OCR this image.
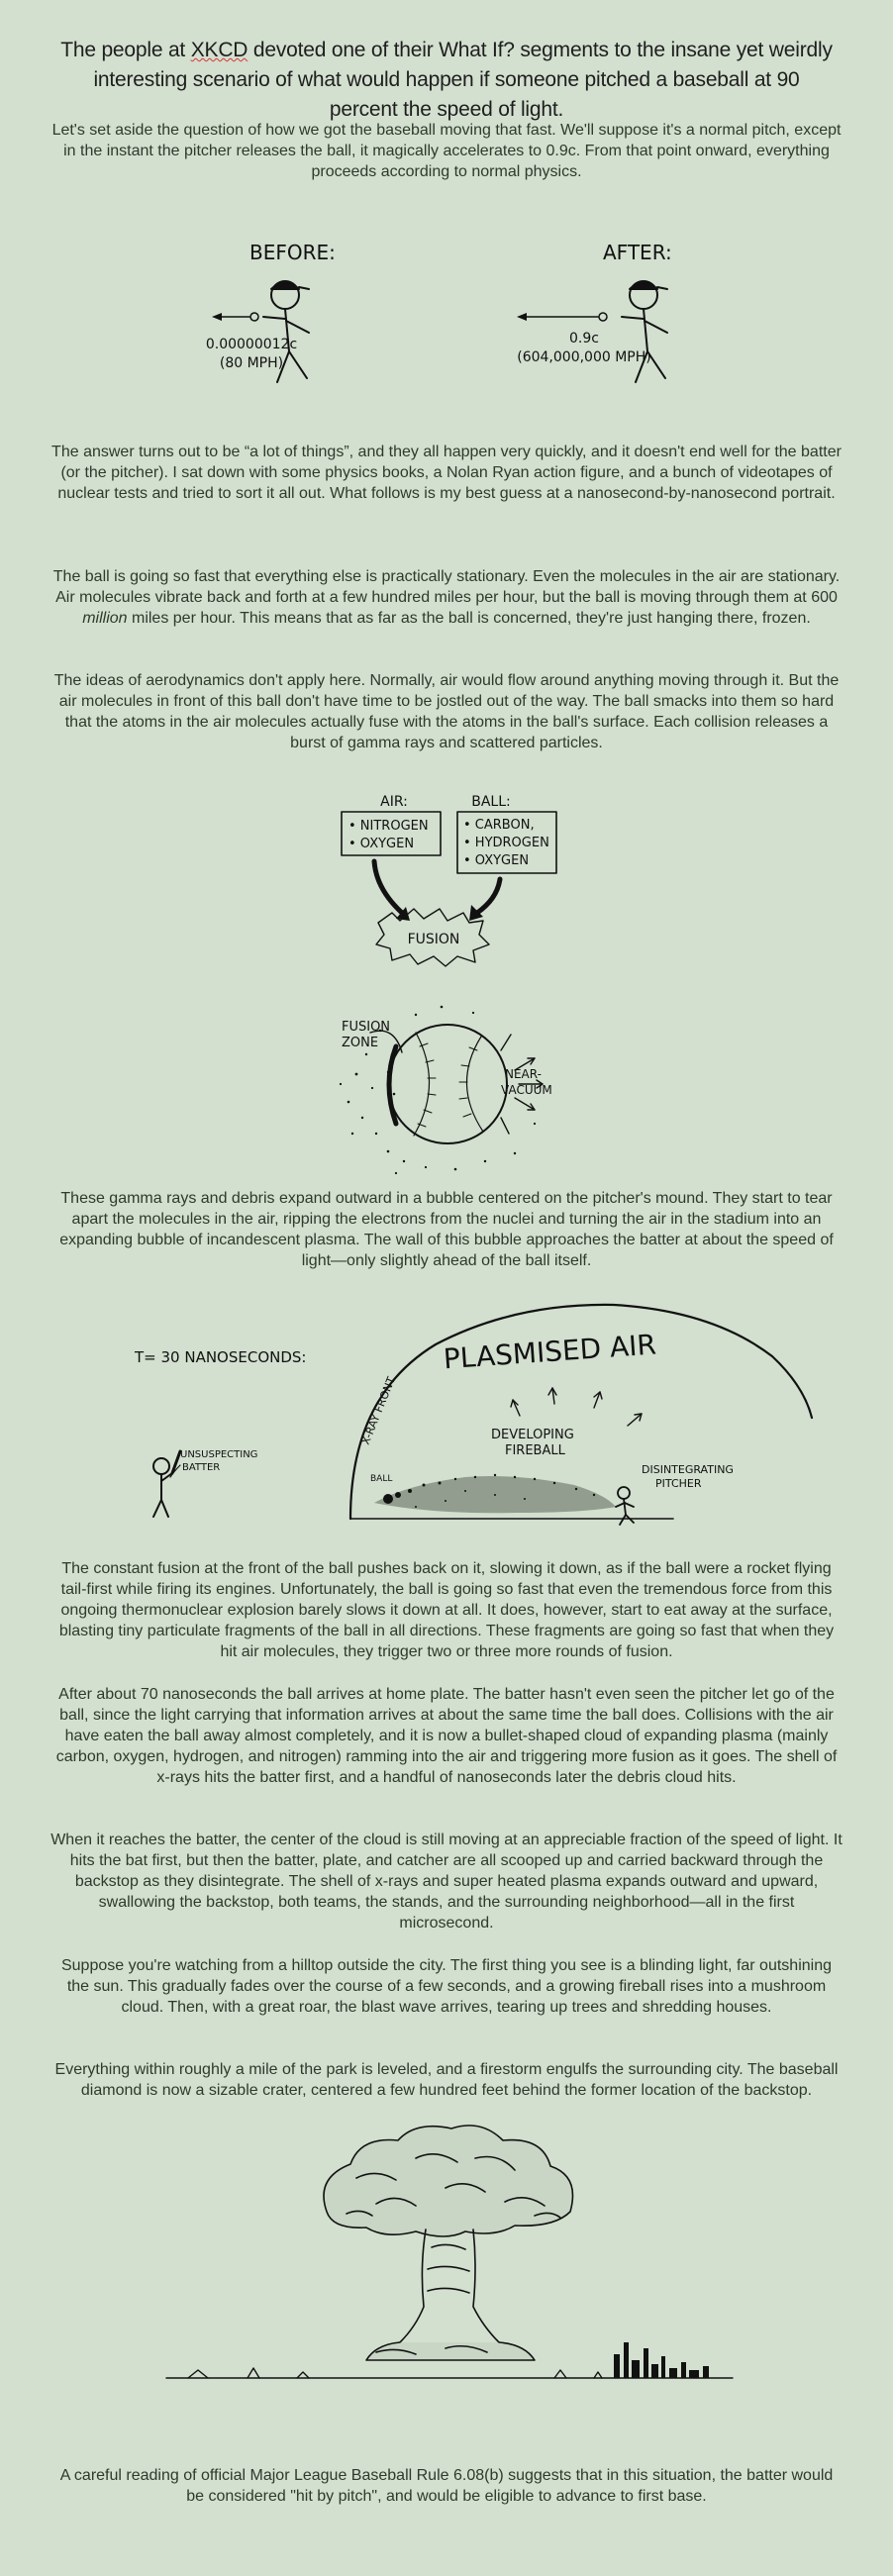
The people at XKCD devoted one of their What If? segments to the insane yet weirdly interesting scenario of what would happen if someone pitched a baseball at 90 percent the speed of light.
Let's set aside the question of how we got the baseball moving that fast. We'll suppose it's a normal pitch, except in the instant the pitcher releases the ball, it magically accelerates to 0.9c. From that point onward, everything proceeds according to normal physics.
BEFORE:
0.00000012c
(80 MPH)
AFTER:
0.9c
(604,000,000 MPH)
The answer turns out to be “a lot of things”, and they all happen very quickly, and it doesn't end well for the batter (or the pitcher). I sat down with some physics books, a Nolan Ryan action figure, and a bunch of videotapes of nuclear tests and tried to sort it all out. What follows is my best guess at a nanosecond-by-nanosecond portrait.
The ball is going so fast that everything else is practically stationary. Even the molecules in the air are stationary. Air molecules vibrate back and forth at a few hundred miles per hour, but the ball is moving through them at 600 million miles per hour. This means that as far as the ball is concerned, they're just hanging there, frozen.
The ideas of aerodynamics don't apply here. Normally, air would flow around anything moving through it. But the air molecules in front of this ball don't have time to be jostled out of the way. The ball smacks into them so hard that the atoms in the air molecules actually fuse with the atoms in the ball's surface. Each collision releases a burst of gamma rays and scattered particles.
AIR:
• NITROGEN
• OXYGEN
BALL:
• CARBON,
• HYDROGEN
• OXYGEN
FUSION
FUSION
ZONE
NEAR-
VACUUM
These gamma rays and debris expand outward in a bubble centered on the pitcher's mound. They start to tear apart the molecules in the air, ripping the electrons from the nuclei and turning the air in the stadium into an expanding bubble of incandescent plasma. The wall of this bubble approaches the batter at about the speed of light—only slightly ahead of the ball itself.
T= 30 NANOSECONDS:
UNSUSPECTING
BATTER
X-RAY FRONT
PLASMISED AIR
DEVELOPING
FIREBALL
BALL
DISINTEGRATING
PITCHER
The constant fusion at the front of the ball pushes back on it, slowing it down, as if the ball were a rocket flying tail-first while firing its engines. Unfortunately, the ball is going so fast that even the tremendous force from this ongoing thermonuclear explosion barely slows it down at all. It does, however, start to eat away at the surface, blasting tiny particulate fragments of the ball in all directions. These fragments are going so fast that when they hit air molecules, they trigger two or three more rounds of fusion.
After about 70 nanoseconds the ball arrives at home plate. The batter hasn't even seen the pitcher let go of the ball, since the light carrying that information arrives at about the same time the ball does. Collisions with the air have eaten the ball away almost completely, and it is now a bullet-shaped cloud of expanding plasma (mainly carbon, oxygen, hydrogen, and nitrogen) ramming into the air and triggering more fusion as it goes. The shell of x-rays hits the batter first, and a handful of nanoseconds later the debris cloud hits.
When it reaches the batter, the center of the cloud is still moving at an appreciable fraction of the speed of light. It hits the bat first, but then the batter, plate, and catcher are all scooped up and carried backward through the backstop as they disintegrate. The shell of x-rays and super heated plasma expands outward and upward, swallowing the backstop, both teams, the stands, and the surrounding neighborhood—all in the first microsecond.
Suppose you're watching from a hilltop outside the city. The first thing you see is a blinding light, far outshining the sun. This gradually fades over the course of a few seconds, and a growing fireball rises into a mushroom cloud. Then, with a great roar, the blast wave arrives, tearing up trees and shredding houses.
Everything within roughly a mile of the park is leveled, and a firestorm engulfs the surrounding city. The baseball diamond is now a sizable crater, centered a few hundred feet behind the former location of the backstop.
A careful reading of official Major League Baseball Rule 6.08(b) suggests that in this situation, the batter would be considered "hit by pitch", and would be eligible to advance to first base.
